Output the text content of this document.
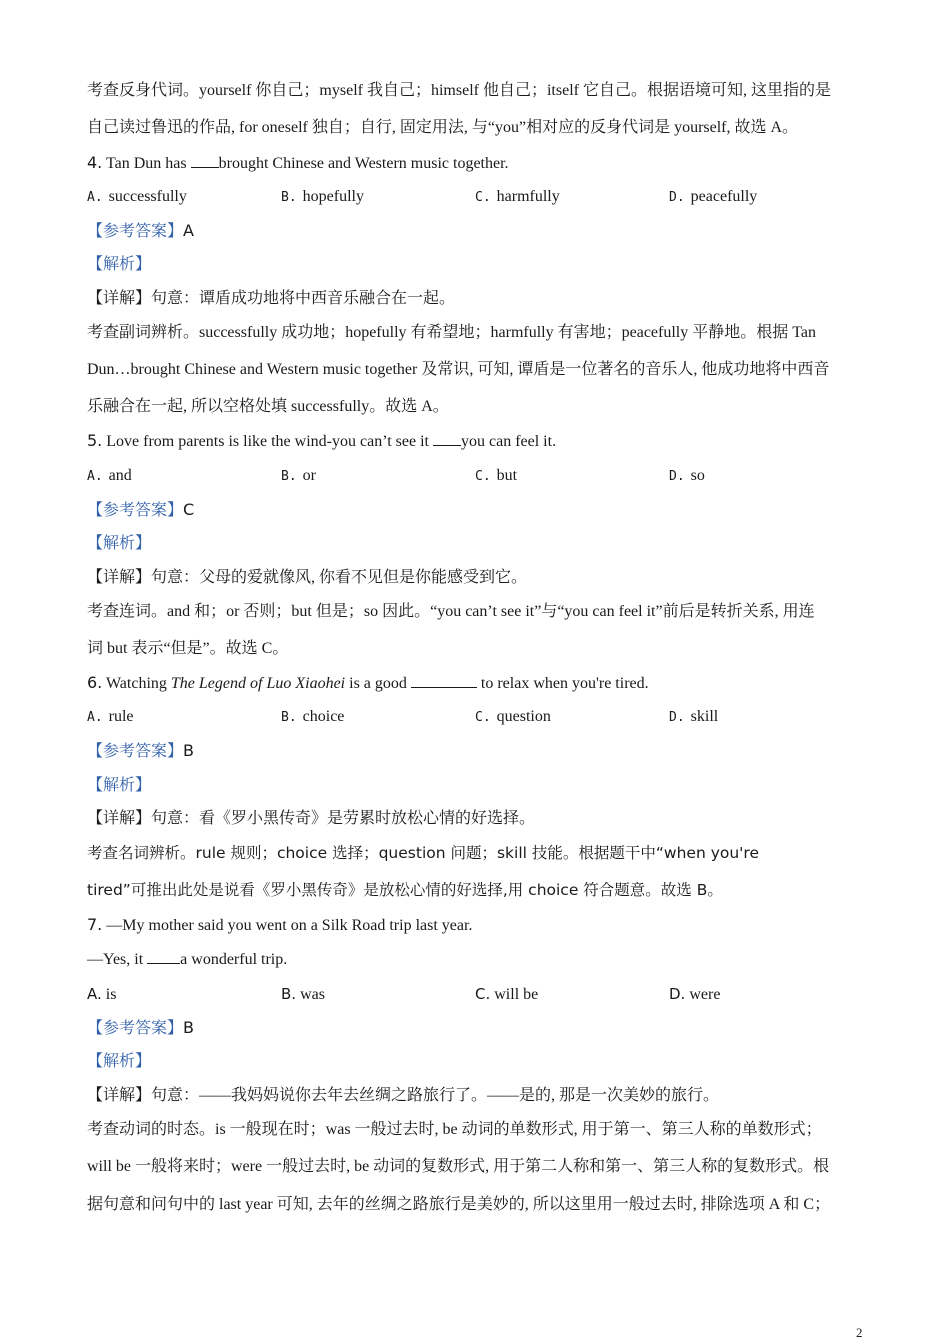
考查反身代词。yourself 你自己；myself 我自己；himself 他自己；itself 它自己。根据语境可知, 这里指的是
自己读过鲁迅的作品, for oneself 独自；自行, 固定用法, 与“you”相对应的反身代词是 yourself, 故选 A。
4. Tan Dun has brought Chinese and Western music together.
A. successfully	B. hopefully	C. harmfully	D. peacefully
【参考答案】A
【解析】
【详解】句意：谭盾成功地将中西音乐融合在一起。
考查副词辨析。successfully 成功地；hopefully 有希望地；harmfully 有害地；peacefully 平静地。根据 Tan
Dun…brought Chinese and Western music together 及常识, 可知, 谭盾是一位著名的音乐人, 他成功地将中西音
乐融合在一起, 所以空格处填 successfully。故选 A。
5. Love from parents is like the wind-you can’t see it you can feel it.
A. and	B. or	C. but	D. so
【参考答案】C
【解析】
【详解】句意：父母的爱就像风, 你看不见但是你能感受到它。
考查连词。and 和；or 否则；but 但是；so 因此。“you can’t see it”与“you can feel it”前后是转折关系, 用连
词 but 表示“但是”。故选 C。
6. Watching The Legend of Luo Xiaohei is a good	to relax when you're tired.
A. rule	B. choice	C. question	D. skill
【参考答案】B
【解析】
【详解】句意：看《罗小黑传奇》是劳累时放松心情的好选择。
考查名词辨析。rule 规则；choice 选择；question 问题；skill 技能。根据题干中“when you're
tired”可推出此处是说看《罗小黑传奇》是放松心情的好选择,用 choice 符合题意。故选 B。
7. —My mother said you went on a Silk Road trip last year.
—Yes, it a wonderful trip.
A. is	B. was	C. will be	D. were
【参考答案】B
【解析】
【详解】句意：——我妈妈说你去年去丝绸之路旅行了。——是的, 那是一次美妙的旅行。
考查动词的时态。is 一般现在时；was 一般过去时, be 动词的单数形式, 用于第一、第三人称的单数形式；
will be 一般将来时；were 一般过去时, be 动词的复数形式, 用于第二人称和第一、第三人称的复数形式。根
据句意和问句中的 last year 可知, 去年的丝绸之路旅行是美妙的, 所以这里用一般过去时, 排除选项 A 和 C；
2
